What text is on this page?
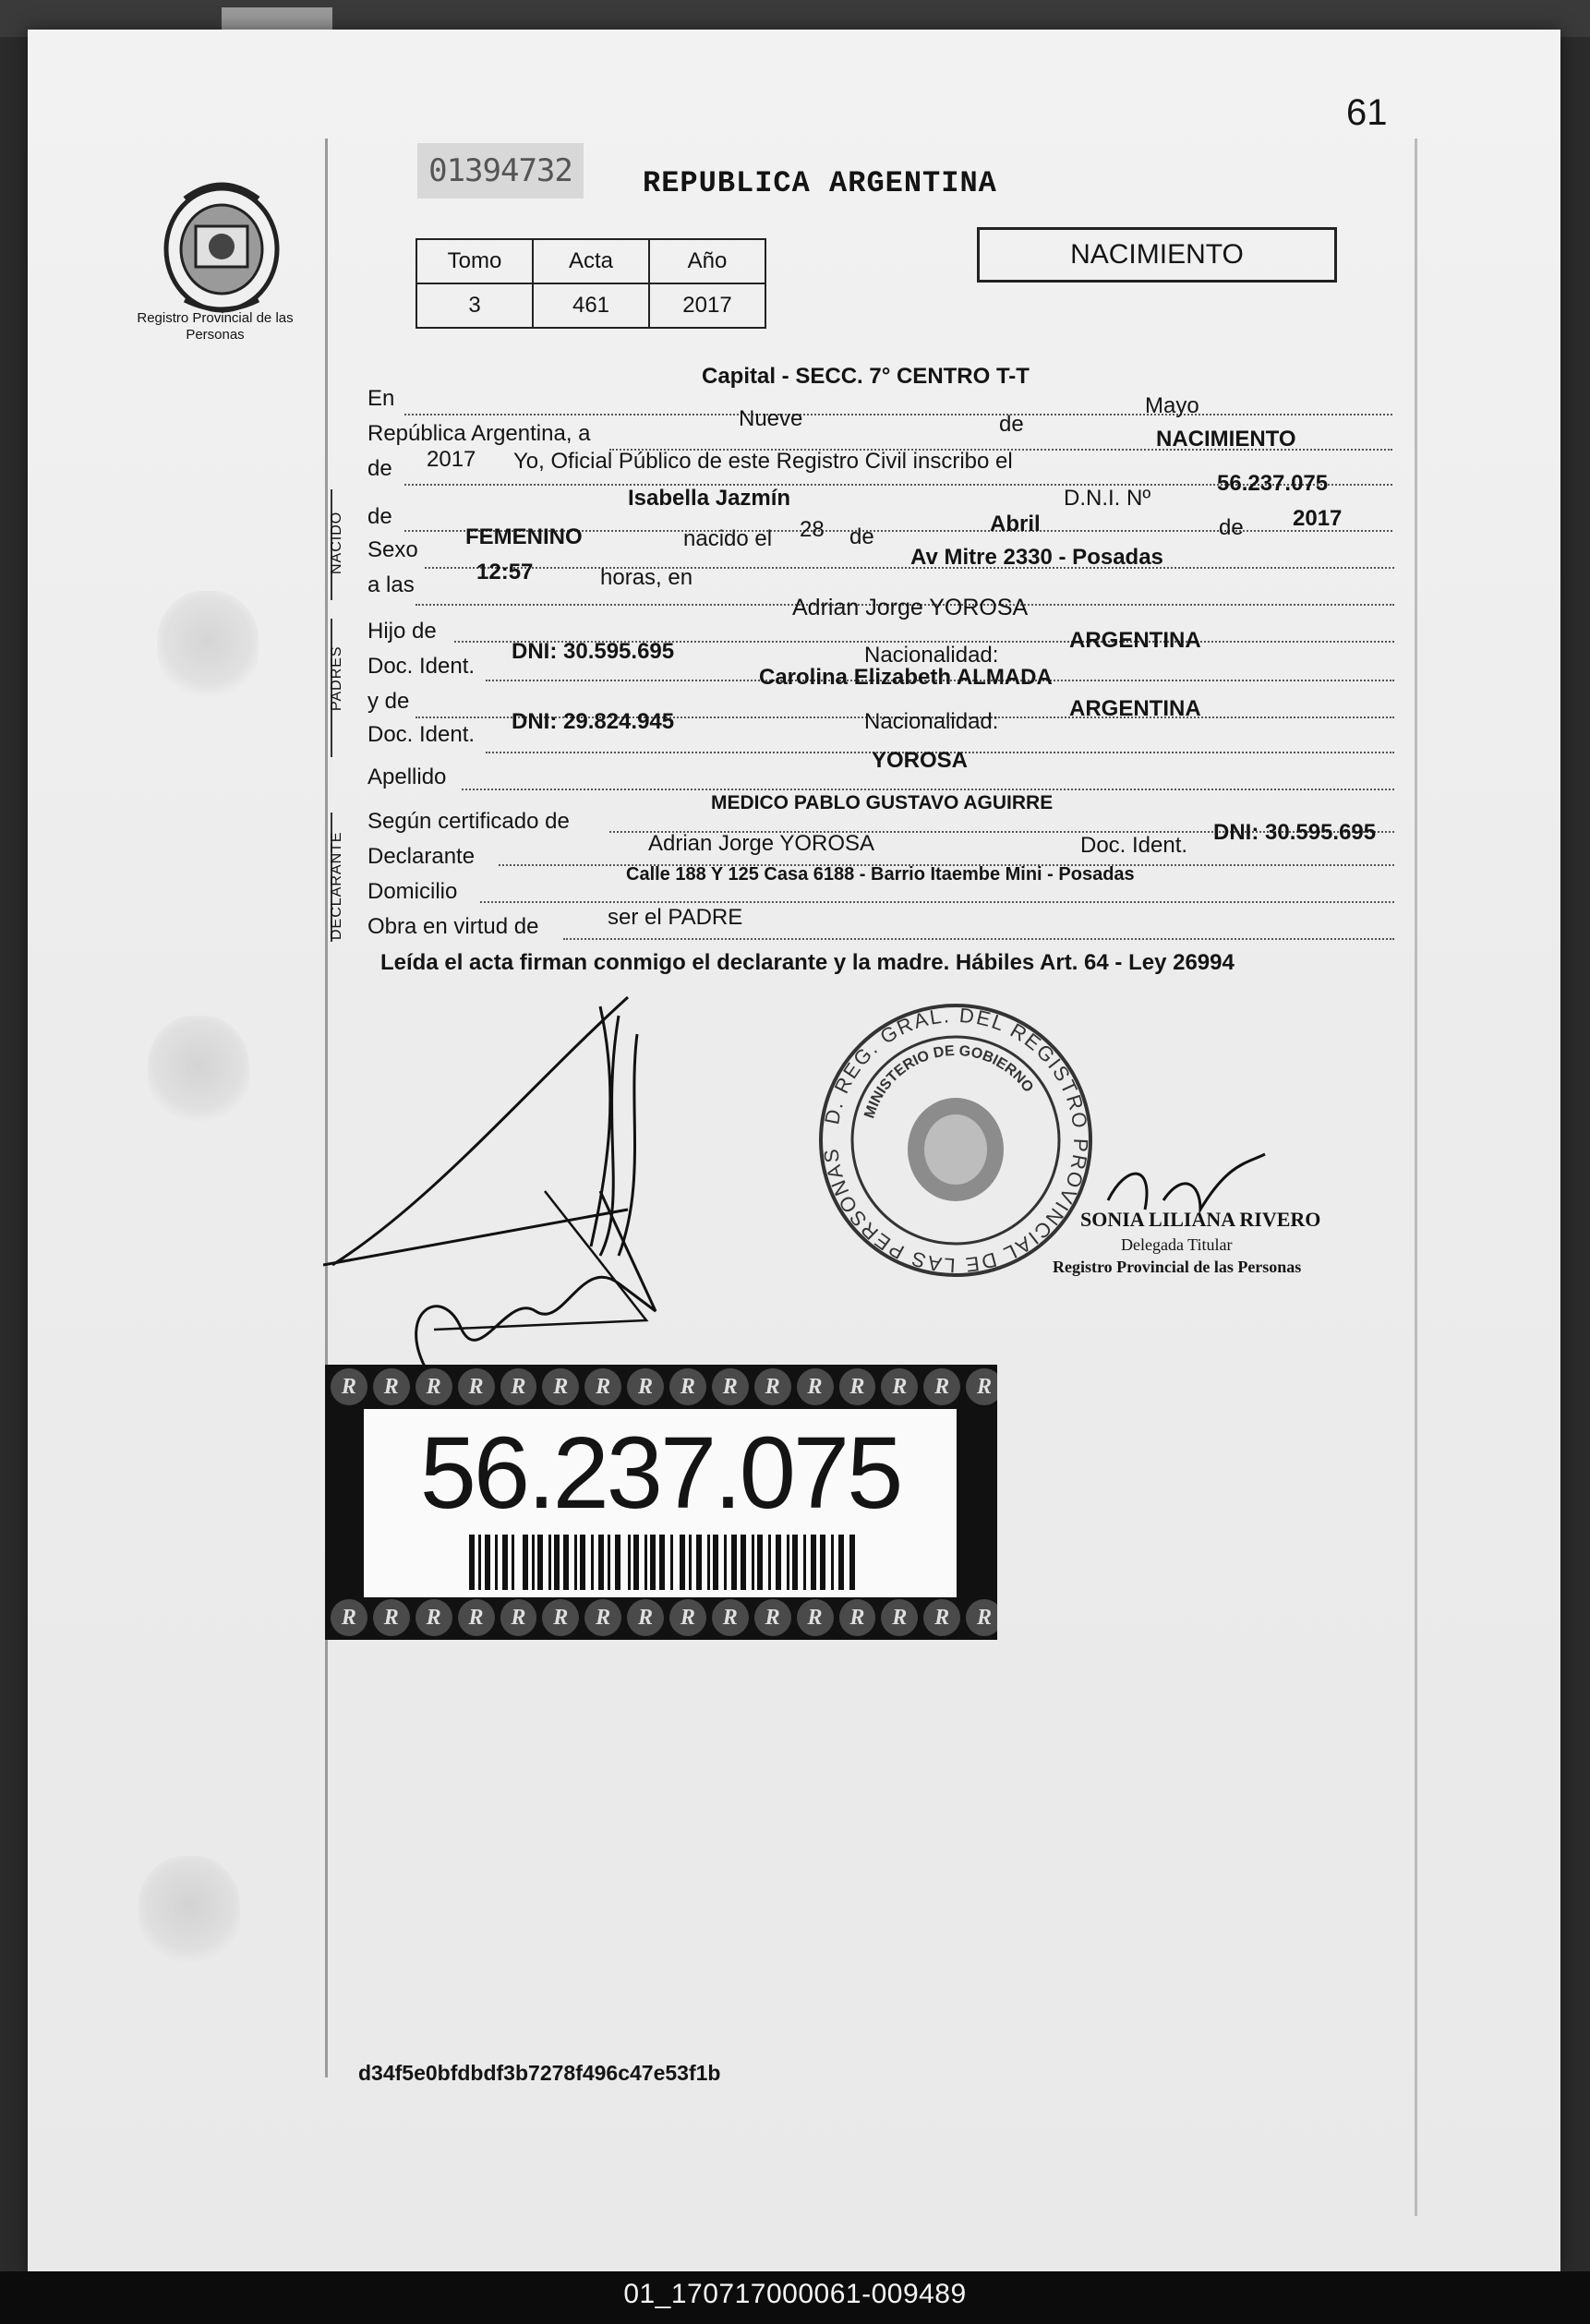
61
Registro Provincial de las Personas
01394732	REPUBLICA ARGENTINA
Tomo	Acta	Año
3	461	2017
NACIMIENTO
En
Capital - SECC. 7° CENTRO T-T
República Argentina, a
Nueve	de
Mayo
de 2017 Yo, Oficial Público de este Registro Civil inscribo el
NACIMIENTO
NACIDO de
Isabella Jazmín	D.N.I. Nº
56.237.075
Sexo
FEMENINO	nacido el 28 de
Abril	de 2017
a las
12:57	horas, en
Av Mitre 2330 - Posadas
PADRES
Hijo de
Adrian Jorge YOROSA
Doc. Ident.
DNI: 30.595.695	Nacionalidad:
ARGENTINA
y de
Carolina Elizabeth ALMADA
Doc. Ident.
DNI: 29.824.945	Nacionalidad:
ARGENTINA
Apellido
YOROSA
DECLARANTE
Según certificado de
MEDICO PABLO GUSTAVO AGUIRRE
Declarante
Adrian Jorge YOROSA	Doc. Ident.
DNI: 30.595.695
Domicilio
Calle 188 Y 125 Casa 6188 - Barrio Itaembe Mini - Posadas
Obra en virtud de	ser el PADRE
Leída el acta firman conmigo el declarante y la madre. Hábiles Art. 64 - Ley 26994
D. REG. GRAL. DEL REGISTRO PROVINCIAL DE LAS PERSONAS
MINISTERIO DE GOBIERNO
SONIA LILIANA RIVERO
Delegada Titular
Registro Provincial de las Personas
R	R	R	R	R	R	R	R	R	R	R	R	R	R	R	R
R	R	R	R	R	R	R	R	R	R	R	R	R	R	R	R
56.237.075
d34f5e0bfdbdf3b7278f496c47e53f1b
01_170717000061-009489
